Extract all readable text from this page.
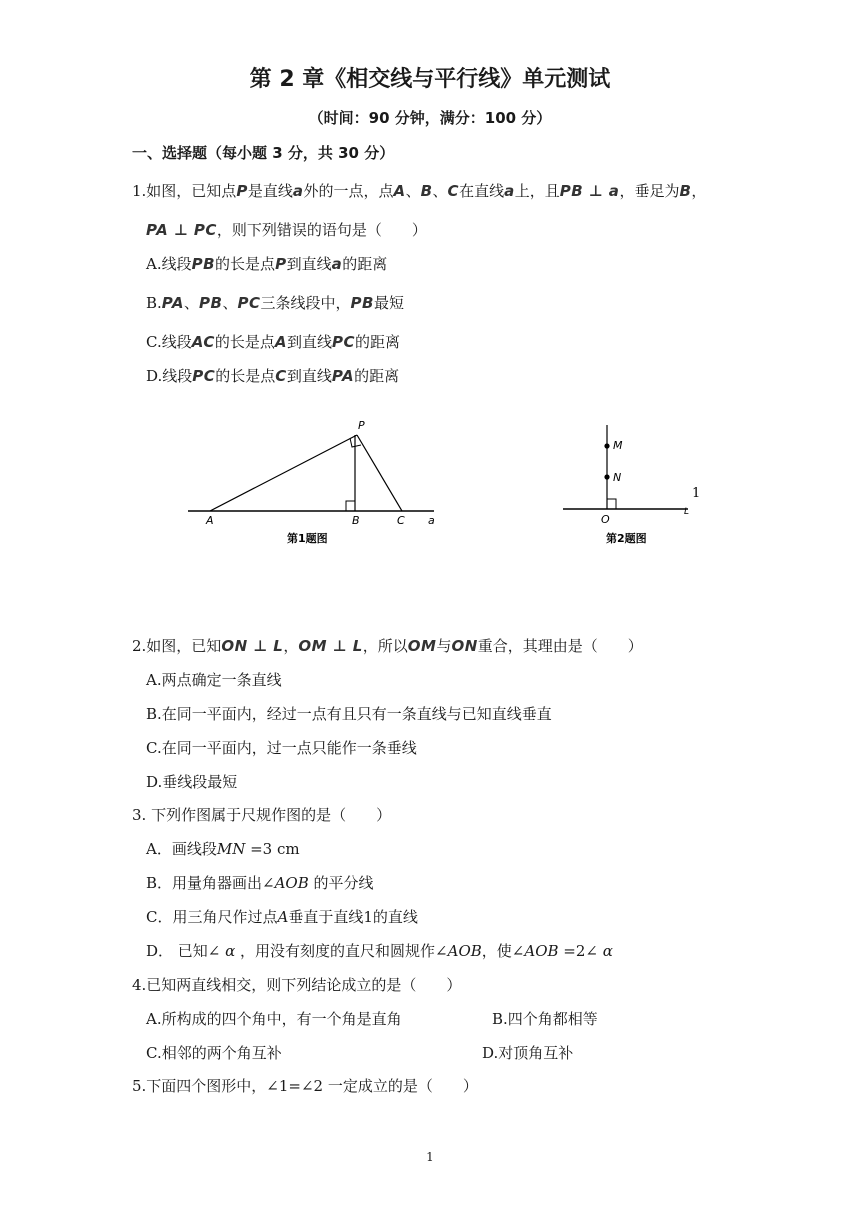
第 2 章《相交线与平行线》单元测试
（时间：90 分钟，满分：100 分）
一、选择题（每小题 3 分，共 30 分）
1.如图，已知点P是直线a外的一点，点A、B、C在直线a上，且PB ⊥ a，垂足为B，
PA ⊥ PC，则下列错误的语句是（　　）
A.线段PB的长是点P到直线a的距离
B.PA、PB、PC三条线段中，PB最短
C.线段AC的长是点A到直线PC的距离
D.线段PC的长是点C到直线PA的距离
P
A	B	C a
第1题图
M
N
O
L
1
第2题图
2.如图，已知ON ⊥ L，OM ⊥ L，所以OM与ON重合，其理由是（　　）
A.两点确定一条直线
B.在同一平面内，经过一点有且只有一条直线与已知直线垂直
C.在同一平面内，过一点只能作一条垂线
D.垂线段最短
3. 下列作图属于尺规作图的是（　　）
A．画线段MN =3 cm
B．用量角器画出∠AOB 的平分线
C．用三角尺作过点A垂直于直线1的直线
D． 已知∠ α ，用没有刻度的直尺和圆规作∠AOB，使∠AOB =2∠ α
4.已知两直线相交，则下列结论成立的是（　　）
A.所构成的四个角中，有一个角是直角	B.四个角都相等
C.相邻的两个角互补	D.对顶角互补
5.下面四个图形中，∠1=∠2 一定成立的是（　　）
1
